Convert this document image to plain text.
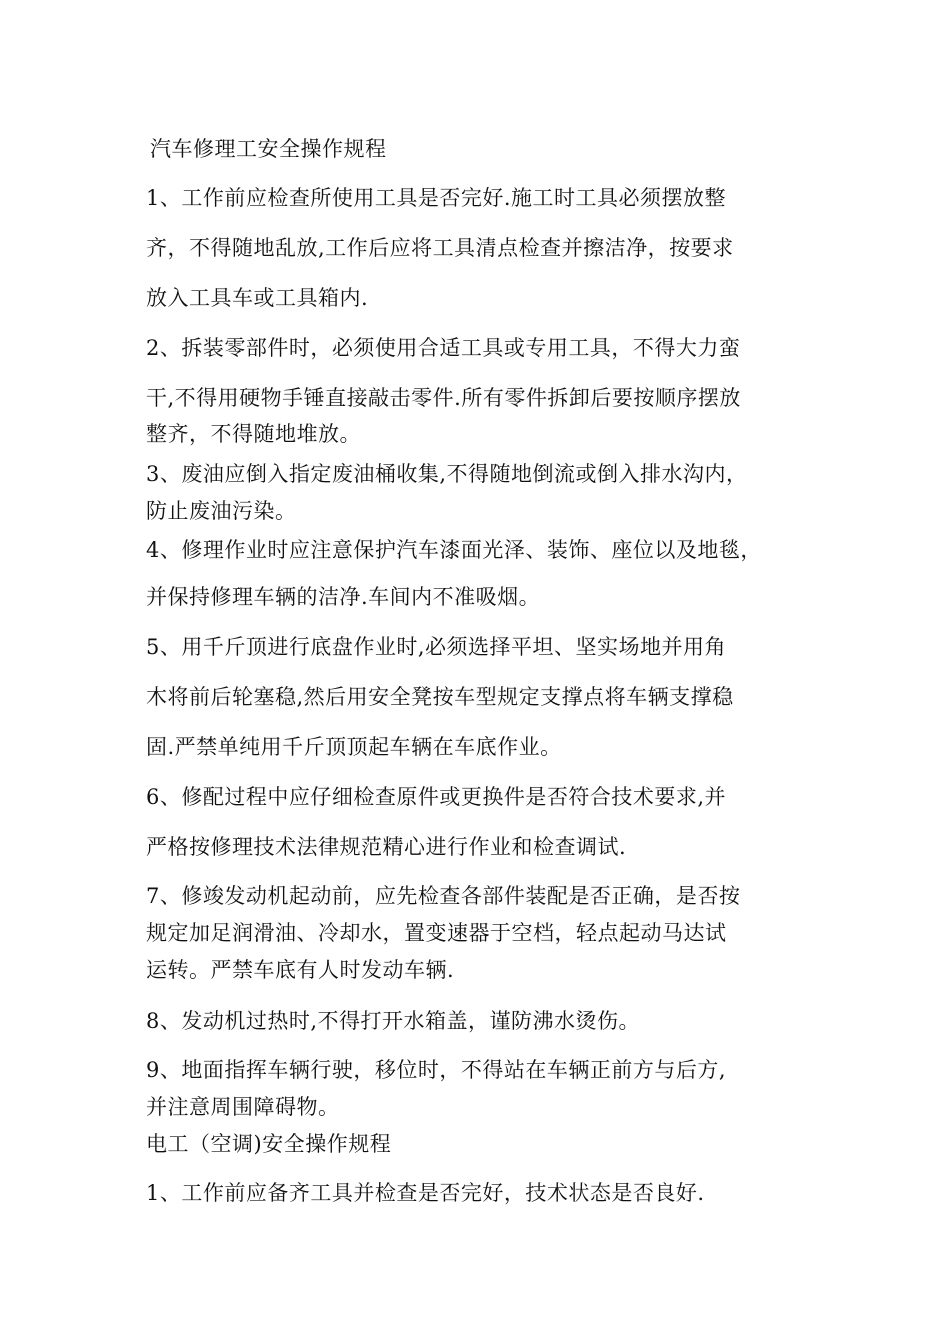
汽车修理工安全操作规程
1、工作前应检查所使用工具是否完好.施工时工具必须摆放整
齐，不得随地乱放,工作后应将工具清点检查并擦洁净，按要求
放入工具车或工具箱内.
2、拆装零部件时，必须使用合适工具或专用工具，不得大力蛮
干,不得用硬物手锤直接敲击零件.所有零件拆卸后要按顺序摆放
整齐，不得随地堆放。
3、废油应倒入指定废油桶收集,不得随地倒流或倒入排水沟内，
防止废油污染。
4、修理作业时应注意保护汽车漆面光泽、装饰、座位以及地毯，
并保持修理车辆的洁净.车间内不准吸烟。
5、用千斤顶进行底盘作业时,必须选择平坦、坚实场地并用角
木将前后轮塞稳,然后用安全凳按车型规定支撑点将车辆支撑稳
固.严禁单纯用千斤顶顶起车辆在车底作业。
6、修配过程中应仔细检查原件或更换件是否符合技术要求,并
严格按修理技术法律规范精心进行作业和检查调试.
7、修竣发动机起动前，应先检查各部件装配是否正确，是否按
规定加足润滑油、冷却水，置变速器于空档，轻点起动马达试
运转。严禁车底有人时发动车辆.
8、发动机过热时,不得打开水箱盖，谨防沸水烫伤。
9、地面指挥车辆行驶，移位时，不得站在车辆正前方与后方,
并注意周围障碍物。
电工（空调)安全操作规程
1、工作前应备齐工具并检查是否完好，技术状态是否良好.
